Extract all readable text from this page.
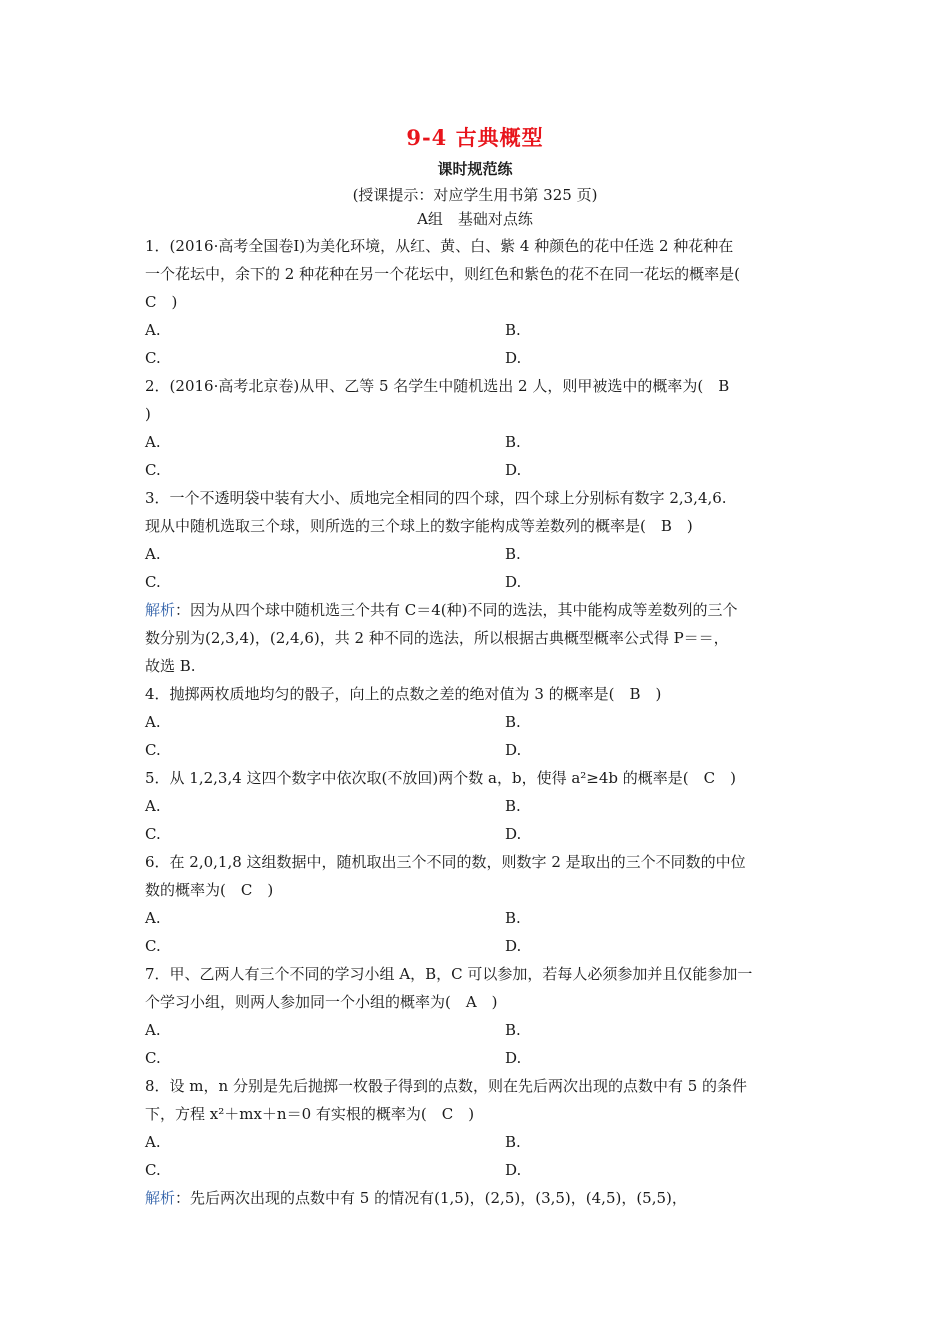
9-4 古典概型
课时规范练
(授课提示：对应学生用书第 325 页)
A组　基础对点练
1．(2016·高考全国卷Ⅰ)为美化环境，从红、黄、白、紫 4 种颜色的花中任选 2 种花种在
一个花坛中，余下的 2 种花种在另一个花坛中，则红色和紫色的花不在同一花坛的概率是(
C　)
A.	B.
C.	D.
2．(2016·高考北京卷)从甲、乙等 5 名学生中随机选出 2 人，则甲被选中的概率为(　B
)
A.	B.
C.	D.
3．一个不透明袋中装有大小、质地完全相同的四个球，四个球上分别标有数字 2,3,4,6.
现从中随机选取三个球，则所选的三个球上的数字能构成等差数列的概率是(　B　)
A.	B.
C.	D.
解析：因为从四个球中随机选三个共有 C＝4(种)不同的选法，其中能构成等差数列的三个
数分别为(2,3,4)，(2,4,6)，共 2 种不同的选法，所以根据古典概型概率公式得 P＝＝，
故选 B.
4．抛掷两枚质地均匀的骰子，向上的点数之差的绝对值为 3 的概率是(　B　)
A.	B.
C.	D.
5．从 1,2,3,4 这四个数字中依次取(不放回)两个数 a，b，使得 a²≥4b 的概率是(　C　)
A.	B.
C.	D.
6．在 2,0,1,8 这组数据中，随机取出三个不同的数，则数字 2 是取出的三个不同数的中位
数的概率为(　C　)
A.	B.
C.	D.
7．甲、乙两人有三个不同的学习小组 A，B，C 可以参加，若每人必须参加并且仅能参加一
个学习小组，则两人参加同一个小组的概率为(　A　)
A.	B.
C.	D.
8．设 m，n 分别是先后抛掷一枚骰子得到的点数，则在先后两次出现的点数中有 5 的条件
下，方程 x²＋mx＋n＝0 有实根的概率为(　C　)
A.	B.
C.	D.
解析：先后两次出现的点数中有 5 的情况有(1,5)，(2,5)，(3,5)，(4,5)，(5,5)，
